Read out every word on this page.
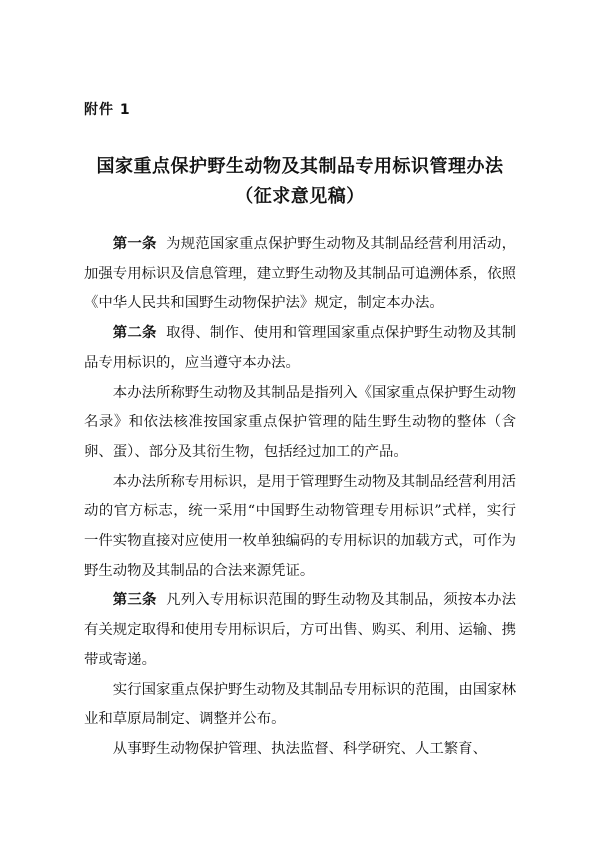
附件 1
国家重点保护野生动物及其制品专用标识管理办法
（征求意见稿）

第一条 为规范国家重点保护野生动物及其制品经营利用活动，加强专用标识及信息管理，建立野生动物及其制品可追溯体系，依照《中华人民共和国野生动物保护法》规定，制定本办法。

第二条 取得、制作、使用和管理国家重点保护野生动物及其制品专用标识的，应当遵守本办法。

本办法所称野生动物及其制品是指列入《国家重点保护野生动物名录》和依法核准按国家重点保护管理的陆生野生动物的整体（含卵、蛋）、部分及其衍生物，包括经过加工的产品。

本办法所称专用标识，是用于管理野生动物及其制品经营利用活动的官方标志，统一采用“中国野生动物管理专用标识”式样，实行一件实物直接对应使用一枚单独编码的专用标识的加载方式，可作为野生动物及其制品的合法来源凭证。

第三条 凡列入专用标识范围的野生动物及其制品，须按本办法有关规定取得和使用专用标识后，方可出售、购买、利用、运输、携带或寄递。

实行国家重点保护野生动物及其制品专用标识的范围，由国家林业和草原局制定、调整并公布。

从事野生动物保护管理、执法监督、科学研究、人工繁育、
